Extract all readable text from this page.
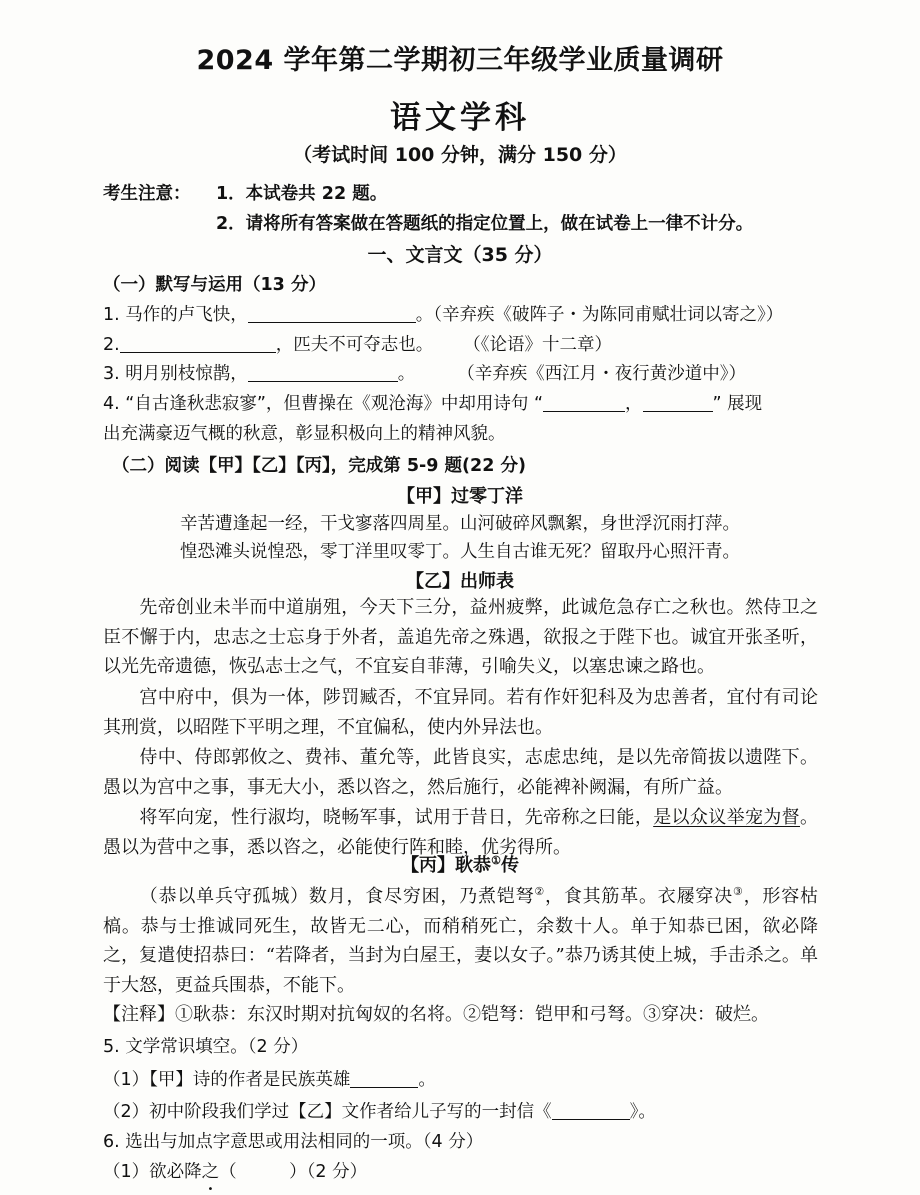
2024 学年第二学期初三年级学业质量调研
语文学科
（考试时间 100 分钟，满分 150 分）
考生注意： 1．本试卷共 22 题。
2．请将所有答案做在答题纸的指定位置上，做在试卷上一律不计分。
一、文言文（35 分）
（一）默写与运用（13 分）
1. 马作的卢飞快，	。（辛弃疾《破阵子・为陈同甫赋壮词以寄之》）
2.	，匹夫不可夺志也。 （《论语》十二章）
3. 明月别枝惊鹊，	。 （辛弃疾《西江月・夜行黄沙道中》）
4. “自古逢秋悲寂寥”，但曹操在《观沧海》中却用诗句 “	，	” 展现
出充满豪迈气概的秋意，彰显积极向上的精神风貌。
（二）阅读【甲】【乙】【丙】，完成第 5-9 题(22 分)
【甲】过零丁洋
辛苦遭逢起一经，干戈寥落四周星。山河破碎风飘絮，身世浮沉雨打萍。
惶恐滩头说惶恐，零丁洋里叹零丁。人生自古谁无死？留取丹心照汗青。
【乙】出师表
先帝创业未半而中道崩殂，今天下三分，益州疲弊，此诚危急存亡之秋也。然侍卫之臣不懈于内，忠志之士忘身于外者，盖追先帝之殊遇，欲报之于陛下也。诚宜开张圣听，以光先帝遗德，恢弘志士之气，不宜妄自菲薄，引喻失义，以塞忠谏之路也。
宫中府中，俱为一体，陟罚臧否，不宜异同。若有作奸犯科及为忠善者，宜付有司论其刑赏，以昭陛下平明之理，不宜偏私，使内外异法也。
侍中、侍郎郭攸之、费祎、董允等，此皆良实，志虑忠纯，是以先帝简拔以遗陛下。愚以为宫中之事，事无大小，悉以咨之，然后施行，必能裨补阙漏，有所广益。
将军向宠，性行淑均，晓畅军事，试用于昔日，先帝称之曰能，是以众议举宠为督。愚以为营中之事，悉以咨之，必能使行阵和睦，优劣得所。
【丙】耿恭①传
（恭以单兵守孤城）数月，食尽穷困，乃煮铠弩②，食其筋革。衣屦穿决③，形容枯槁。恭与士推诚同死生，故皆无二心，而稍稍死亡，余数十人。单于知恭已困，欲必降之，复遣使招恭曰：“若降者，当封为白屋王，妻以女子。”恭乃诱其使上城，手击杀之。单于大怒，更益兵围恭，不能下。
【注释】①耿恭：东汉时期对抗匈奴的名将。②铠弩：铠甲和弓弩。③穿决：破烂。
5. 文学常识填空。（2 分）
（1）【甲】诗的作者是民族英雄	。
（2）初中阶段我们学过【乙】文作者给儿子写的一封信《	》。
6. 选出与加点字意思或用法相同的一项。（4 分）
（1）欲必降之（　　　）（2 分）
